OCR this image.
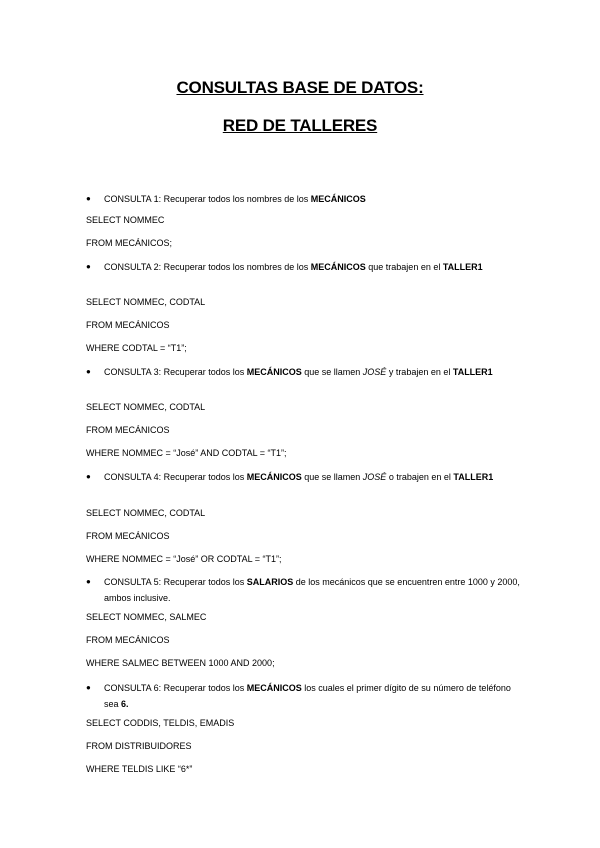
CONSULTAS BASE DE DATOS:
RED DE TALLERES
● CONSULTA 1: Recuperar todos los nombres de los MECÁNICOS
SELECT NOMMEC
FROM MECÁNICOS;
● CONSULTA 2: Recuperar todos los nombres de los MECÁNICOS que trabajen en el TALLER1
SELECT NOMMEC, CODTAL
FROM MECÁNICOS
WHERE CODTAL = “T1”;
● CONSULTA 3: Recuperar todos los MECÁNICOS que se llamen JOSÉ y trabajen en el TALLER1
SELECT NOMMEC, CODTAL
FROM MECÁNICOS
WHERE NOMMEC = “José” AND CODTAL = “T1”;
● CONSULTA 4: Recuperar todos los MECÁNICOS que se llamen JOSÉ o trabajen en el TALLER1
SELECT NOMMEC, CODTAL
FROM MECÁNICOS
WHERE NOMMEC = “José” OR CODTAL = “T1”;
● CONSULTA 5: Recuperar todos los SALARIOS de los mecánicos que se encuentren entre 1000 y 2000, ambos inclusive.
SELECT NOMMEC, SALMEC
FROM MECÁNICOS
WHERE SALMEC BETWEEN 1000 AND 2000;
● CONSULTA 6: Recuperar todos los MECÁNICOS los cuales el primer dígito de su número de teléfono sea 6.
SELECT CODDIS, TELDIS, EMADIS
FROM DISTRIBUIDORES
WHERE TELDIS LIKE “6*”
